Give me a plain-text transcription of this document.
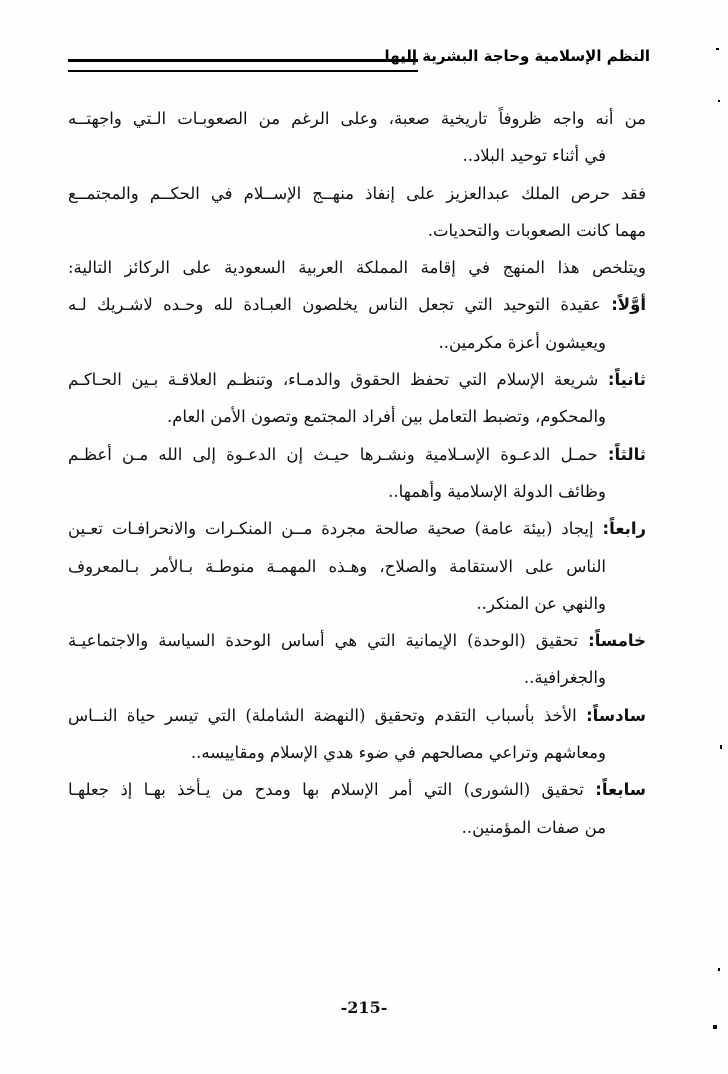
النظم الإسلامية وحاجة البشرية إليها
من أنه واجه ظروفاً تاريخية صعبة، وعلى الرغم من الصعوبـات الـتي واجهتــه
في أثناء توحيد البلاد..
فقد حرص الملك عبدالعزيز على إنفاذ منهــج الإســلام في الحكــم والمجتمــع
مهما كانت الصعوبات والتحديات.
ويتلخص هذا المنهج في إقامة المملكة العربية السعودية على الركائز التالية:
أوَّلاً: عقيدة التوحيد التي تجعل الناس يخلصون العبـادة لله وحـده لاشـريك لـه
ويعيشون أعزة مكرمين..
ثانياً: شريعة الإسلام التي تحفظ الحقوق والدمـاء، وتنظـم العلاقـة بـين الحـاكـم
والمحكوم، وتضبط التعامل بين أفراد المجتمع وتصون الأمن العام.
ثالثاً: حمـل الدعـوة الإسـلامية ونشـرها حيـث إن الدعـوة إلى الله مـن أعظـم
وظائف الدولة الإسلامية وأهمها..
رابعاً: إيجاد (بيئة عامة) صحية صالحة مجردة مــن المنكـرات والانحرافـات تعـين
الناس على الاستقامة والصلاح، وهـذه المهمـة منوطـة بـالأمر بـالمعروف
والنهي عن المنكر..
خامساً: تحقيق (الوحدة) الإيمانية التي هي أساس الوحدة السياسة والاجتماعيـة
والجغرافية..
سادساً: الأخذ بأسباب التقدم وتحقيق (النهضة الشاملة) التي تيسر حياة النــاس
ومعاشهم وتراعي مصالحهم في ضوء هدي الإسلام ومقاييسه..
سابعاً: تحقيق (الشورى) التي أمر الإسلام بها ومدح من يـأخذ بهـا إذ جعلهـا
من صفات المؤمنين..
-215-
